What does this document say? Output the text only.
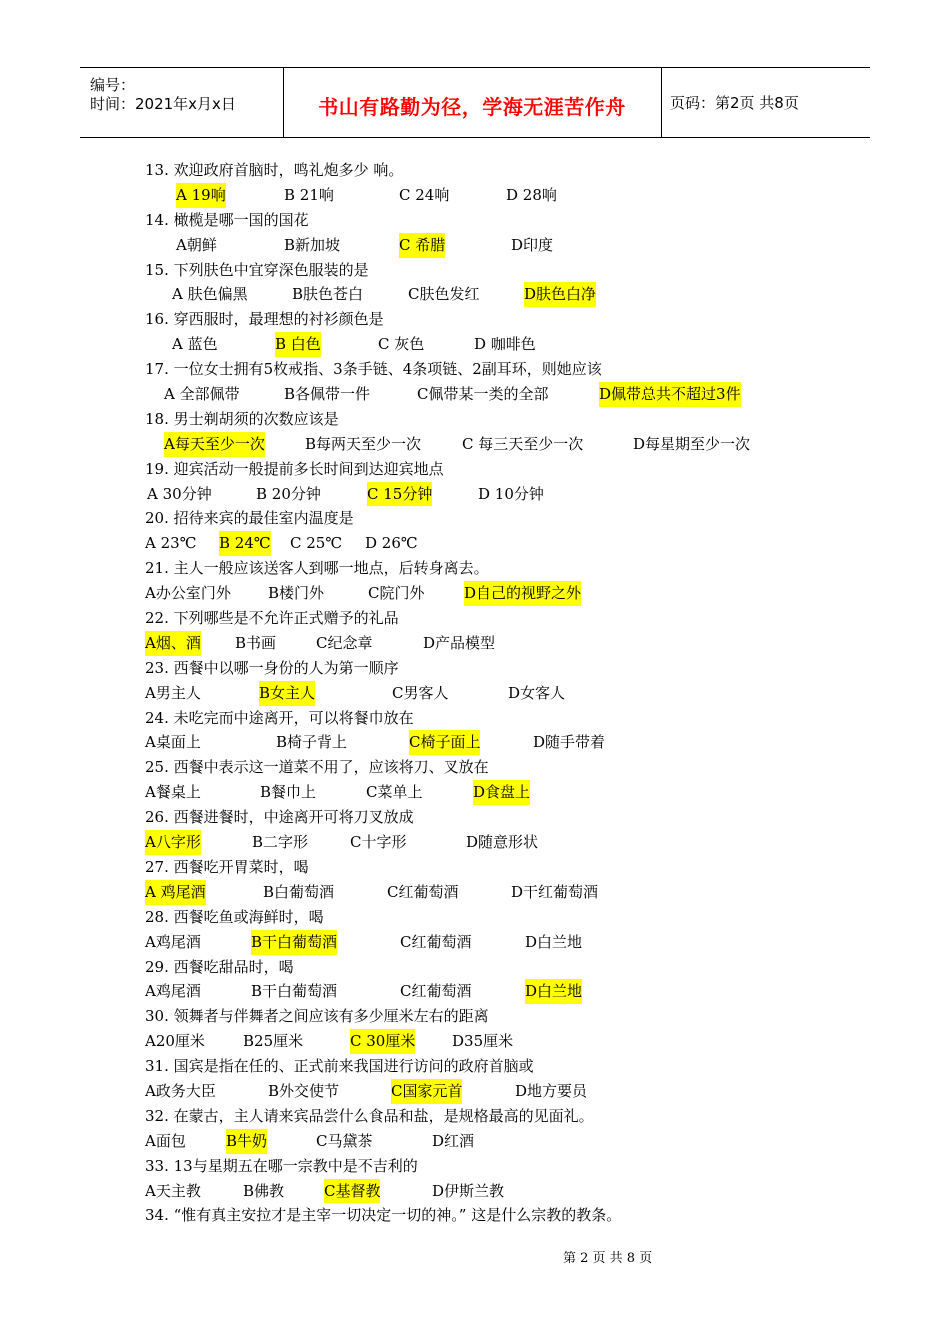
编号：
时间：2021年x月x日	书山有路勤为径，学海无涯苦作舟	页码：第2页 共8页
13. 欢迎政府首脑时，鸣礼炮多少 响。
A 19响	B 21响	C 24响	D 28响
14. 橄榄是哪一国的国花
A朝鲜	B新加坡	C 希腊	D印度
15. 下列肤色中宜穿深色服装的是
A 肤色偏黑	B肤色苍白	C肤色发红	D肤色白净
16. 穿西服时，最理想的衬衫颜色是
A 蓝色	B 白色	C 灰色	D 咖啡色
17. 一位女士拥有5枚戒指、3条手链、4条项链、2副耳环，则她应该
A 全部佩带	B各佩带一件	C佩带某一类的全部	D佩带总共不超过3件
18. 男士剃胡须的次数应该是
A每天至少一次	B每两天至少一次	C 每三天至少一次	D每星期至少一次
19. 迎宾活动一般提前多长时间到达迎宾地点
A 30分钟	B 20分钟	C 15分钟	D 10分钟
20. 招待来宾的最佳室内温度是
A 23℃ B 24℃ C 25℃ D 26℃
21. 主人一般应该送客人到哪一地点，后转身离去。
A办公室门外 B楼门外	C院门外	D自己的视野之外
22. 下列哪些是不允许正式赠予的礼品
A烟、酒 B书画	C纪念章	D产品模型
23. 西餐中以哪一身份的人为第一顺序
A男主人	B女主人	C男客人	D女客人
24. 未吃完而中途离开，可以将餐巾放在
A桌面上	B椅子背上	C椅子面上	D随手带着
25. 西餐中表示这一道菜不用了，应该将刀、叉放在
A餐桌上	B餐巾上	C菜单上	D食盘上
26. 西餐进餐时，中途离开可将刀叉放成
A八字形	B二字形	C十字形	D随意形状
27. 西餐吃开胃菜时，喝
A 鸡尾酒	B白葡萄酒	C红葡萄酒	D干红葡萄酒
28. 西餐吃鱼或海鲜时，喝
A鸡尾酒	B干白葡萄酒	C红葡萄酒	D白兰地
29. 西餐吃甜品时，喝
A鸡尾酒	B干白葡萄酒	C红葡萄酒	D白兰地
30. 领舞者与伴舞者之间应该有多少厘米左右的距离
A20厘米	B25厘米	C 30厘米 D35厘米
31. 国宾是指在任的、正式前来我国进行访问的政府首脑或
A政务大臣	B外交使节	C国家元首	D地方要员
32. 在蒙古，主人请来宾品尝什么食品和盐，是规格最高的见面礼。
A面包	B牛奶	C马黛茶	D红酒
33. 13与星期五在哪一宗教中是不吉利的
A天主教	B佛教	C基督教	D伊斯兰教
34. “惟有真主安拉才是主宰一切决定一切的神。” 这是什么宗教的教条。
第 2 页 共 8 页
